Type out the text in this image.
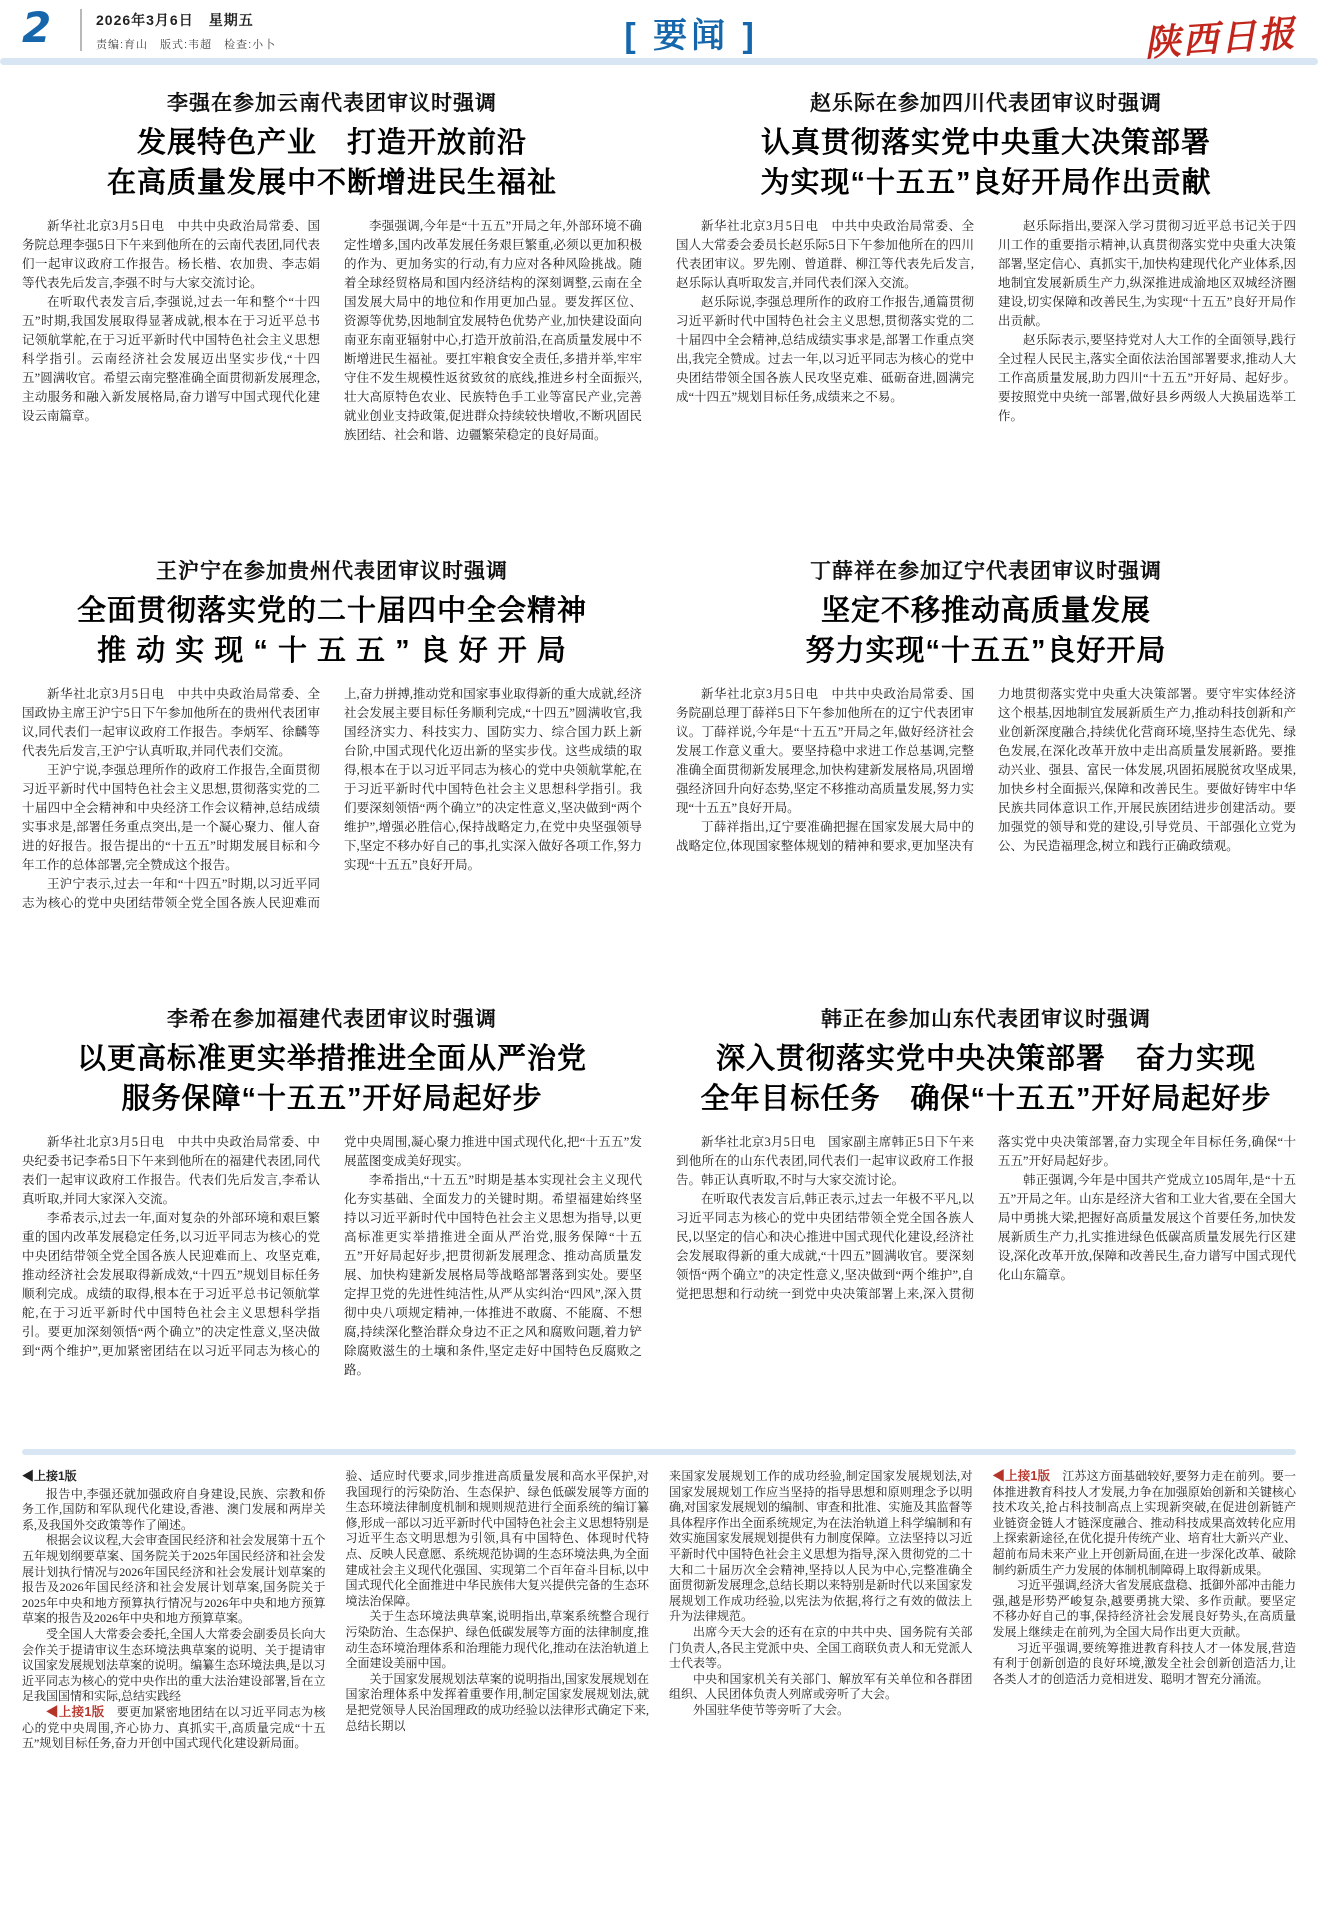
2	2026年3月6日　星期五
责编:育山　版式:韦超　检查:小卜	[ 要闻 ]	陕西日报
李强在参加云南代表团审议时强调
发展特色产业　打造开放前沿
在高质量发展中不断增进民生福祉

新华社北京3月5日电　中共中央政治局常委、国务院总理李强5日下午来到他所在的云南代表团,同代表们一起审议政府工作报告。杨长楷、农加贵、李志娟等代表先后发言,李强不时与大家交流讨论。

在听取代表发言后,李强说,过去一年和整个“十四五”时期,我国发展取得显著成就,根本在于习近平总书记领航掌舵,在于习近平新时代中国特色社会主义思想科学指引。云南经济社会发展迈出坚实步伐,“十四五”圆满收官。希望云南完整准确全面贯彻新发展理念,主动服务和融入新发展格局,奋力谱写中国式现代化建设云南篇章。

李强强调,今年是“十五五”开局之年,外部环境不确定性增多,国内改革发展任务艰巨繁重,必须以更加积极的作为、更加务实的行动,有力应对各种风险挑战。随着全球经贸格局和国内经济结构的深刻调整,云南在全国发展大局中的地位和作用更加凸显。要发挥区位、资源等优势,因地制宜发展特色优势产业,加快建设面向南亚东南亚辐射中心,打造开放前沿,在高质量发展中不断增进民生福祉。要扛牢粮食安全责任,多措并举,牢牢守住不发生规模性返贫致贫的底线,推进乡村全面振兴,壮大高原特色农业、民族特色手工业等富民产业,完善就业创业支持政策,促进群众持续较快增收,不断巩固民族团结、社会和谐、边疆繁荣稳定的良好局面。

赵乐际在参加四川代表团审议时强调
认真贯彻落实党中央重大决策部署
为实现“十五五”良好开局作出贡献

新华社北京3月5日电　中共中央政治局常委、全国人大常委会委员长赵乐际5日下午参加他所在的四川代表团审议。罗先刚、曾道群、柳江等代表先后发言,赵乐际认真听取发言,并同代表们深入交流。

赵乐际说,李强总理所作的政府工作报告,通篇贯彻习近平新时代中国特色社会主义思想,贯彻落实党的二十届四中全会精神,总结成绩实事求是,部署工作重点突出,我完全赞成。过去一年,以习近平同志为核心的党中央团结带领全国各族人民攻坚克难、砥砺奋进,圆满完成“十四五”规划目标任务,成绩来之不易。

赵乐际指出,要深入学习贯彻习近平总书记关于四川工作的重要指示精神,认真贯彻落实党中央重大决策部署,坚定信心、真抓实干,加快构建现代化产业体系,因地制宜发展新质生产力,纵深推进成渝地区双城经济圈建设,切实保障和改善民生,为实现“十五五”良好开局作出贡献。

赵乐际表示,要坚持党对人大工作的全面领导,践行全过程人民民主,落实全面依法治国部署要求,推动人大工作高质量发展,助力四川“十五五”开好局、起好步。要按照党中央统一部署,做好县乡两级人大换届选举工作。

王沪宁在参加贵州代表团审议时强调
全面贯彻落实党的二十届四中全会精神
推 动 实 现 “ 十 五 五 ” 良 好 开 局

新华社北京3月5日电　中共中央政治局常委、全国政协主席王沪宁5日下午参加他所在的贵州代表团审议,同代表们一起审议政府工作报告。李炳军、徐麟等代表先后发言,王沪宁认真听取,并同代表们交流。

王沪宁说,李强总理所作的政府工作报告,全面贯彻习近平新时代中国特色社会主义思想,贯彻落实党的二十届四中全会精神和中央经济工作会议精神,总结成绩实事求是,部署任务重点突出,是一个凝心聚力、催人奋进的好报告。报告提出的“十五五”时期发展目标和今年工作的总体部署,完全赞成这个报告。

王沪宁表示,过去一年和“十四五”时期,以习近平同志为核心的党中央团结带领全党全国各族人民迎难而上,奋力拼搏,推动党和国家事业取得新的重大成就,经济社会发展主要目标任务顺利完成,“十四五”圆满收官,我国经济实力、科技实力、国防实力、综合国力跃上新台阶,中国式现代化迈出新的坚实步伐。这些成绩的取得,根本在于以习近平同志为核心的党中央领航掌舵,在于习近平新时代中国特色社会主义思想科学指引。我们要深刻领悟“两个确立”的决定性意义,坚决做到“两个维护”,增强必胜信心,保持战略定力,在党中央坚强领导下,坚定不移办好自己的事,扎实深入做好各项工作,努力实现“十五五”良好开局。

丁薛祥在参加辽宁代表团审议时强调
坚定不移推动高质量发展
努力实现“十五五”良好开局

新华社北京3月5日电　中共中央政治局常委、国务院副总理丁薛祥5日下午参加他所在的辽宁代表团审议。丁薛祥说,今年是“十五五”开局之年,做好经济社会发展工作意义重大。要坚持稳中求进工作总基调,完整准确全面贯彻新发展理念,加快构建新发展格局,巩固增强经济回升向好态势,坚定不移推动高质量发展,努力实现“十五五”良好开局。

丁薛祥指出,辽宁要准确把握在国家发展大局中的战略定位,体现国家整体规划的精神和要求,更加坚决有力地贯彻落实党中央重大决策部署。要守牢实体经济这个根基,因地制宜发展新质生产力,推动科技创新和产业创新深度融合,持续优化营商环境,坚持生态优先、绿色发展,在深化改革开放中走出高质量发展新路。要推动兴业、强县、富民一体发展,巩固拓展脱贫攻坚成果,加快乡村全面振兴,保障和改善民生。要做好铸牢中华民族共同体意识工作,开展民族团结进步创建活动。要加强党的领导和党的建设,引导党员、干部强化立党为公、为民造福理念,树立和践行正确政绩观。

李希在参加福建代表团审议时强调
以更高标准更实举措推进全面从严治党
服务保障“十五五”开好局起好步

新华社北京3月5日电　中共中央政治局常委、中央纪委书记李希5日下午来到他所在的福建代表团,同代表们一起审议政府工作报告。代表们先后发言,李希认真听取,并同大家深入交流。

李希表示,过去一年,面对复杂的外部环境和艰巨繁重的国内改革发展稳定任务,以习近平同志为核心的党中央团结带领全党全国各族人民迎难而上、攻坚克难,推动经济社会发展取得新成效,“十四五”规划目标任务顺利完成。成绩的取得,根本在于习近平总书记领航掌舵,在于习近平新时代中国特色社会主义思想科学指引。要更加深刻领悟“两个确立”的决定性意义,坚决做到“两个维护”,更加紧密团结在以习近平同志为核心的党中央周围,凝心聚力推进中国式现代化,把“十五五”发展蓝图变成美好现实。

李希指出,“十五五”时期是基本实现社会主义现代化夯实基础、全面发力的关键时期。希望福建始终坚持以习近平新时代中国特色社会主义思想为指导,以更高标准更实举措推进全面从严治党,服务保障“十五五”开好局起好步,把贯彻新发展理念、推动高质量发展、加快构建新发展格局等战略部署落到实处。要坚定捍卫党的先进性纯洁性,从严从实纠治“四风”,深入贯彻中央八项规定精神,一体推进不敢腐、不能腐、不想腐,持续深化整治群众身边不正之风和腐败问题,着力铲除腐败滋生的土壤和条件,坚定走好中国特色反腐败之路。

韩正在参加山东代表团审议时强调
深入贯彻落实党中央决策部署　奋力实现
全年目标任务　确保“十五五”开好局起好步

新华社北京3月5日电　国家副主席韩正5日下午来到他所在的山东代表团,同代表们一起审议政府工作报告。韩正认真听取,不时与大家交流讨论。

在听取代表发言后,韩正表示,过去一年极不平凡,以习近平同志为核心的党中央团结带领全党全国各族人民,以坚定的信心和决心推进中国式现代化建设,经济社会发展取得新的重大成就,“十四五”圆满收官。要深刻领悟“两个确立”的决定性意义,坚决做到“两个维护”,自觉把思想和行动统一到党中央决策部署上来,深入贯彻落实党中央决策部署,奋力实现全年目标任务,确保“十五五”开好局起好步。

韩正强调,今年是中国共产党成立105周年,是“十五五”开局之年。山东是经济大省和工业大省,要在全国大局中勇挑大梁,把握好高质量发展这个首要任务,加快发展新质生产力,扎实推进绿色低碳高质量发展先行区建设,深化改革开放,保障和改善民生,奋力谱写中国式现代化山东篇章。

◀上接1版

报告中,李强还就加强政府自身建设,民族、宗教和侨务工作,国防和军队现代化建设,香港、澳门发展和两岸关系,及我国外交政策等作了阐述。

根据会议议程,大会审查国民经济和社会发展第十五个五年规划纲要草案、国务院关于2025年国民经济和社会发展计划执行情况与2026年国民经济和社会发展计划草案的报告及2026年国民经济和社会发展计划草案,国务院关于2025年中央和地方预算执行情况与2026年中央和地方预算草案的报告及2026年中央和地方预算草案。

受全国人大常委会委托,全国人大常委会副委员长向大会作关于提请审议生态环境法典草案的说明、关于提请审议国家发展规划法草案的说明。编纂生态环境法典,是以习近平同志为核心的党中央作出的重大法治建设部署,旨在立足我国国情和实际,总结实践经

◀上接1版　 要更加紧密地团结在以习近平同志为核心的党中央周围,齐心协力、真抓实干,高质量完成“十五五”规划目标任务,奋力开创中国式现代化建设新局面。

验、适应时代要求,同步推进高质量发展和高水平保护,对我国现行的污染防治、生态保护、绿色低碳发展等方面的生态环境法律制度机制和规则规范进行全面系统的编订纂修,形成一部以习近平新时代中国特色社会主义思想特别是习近平生态文明思想为引领,具有中国特色、体现时代特点、反映人民意愿、系统规范协调的生态环境法典,为全面建成社会主义现代化强国、实现第二个百年奋斗目标,以中国式现代化全面推进中华民族伟大复兴提供完备的生态环境法治保障。

关于生态环境法典草案,说明指出,草案系统整合现行污染防治、生态保护、绿色低碳发展等方面的法律制度,推动生态环境治理体系和治理能力现代化,推动在法治轨道上全面建设美丽中国。

关于国家发展规划法草案的说明指出,国家发展规划在国家治理体系中发挥着重要作用,制定国家发展规划法,就是把党领导人民治国理政的成功经验以法律形式确定下来,总结长期以

来国家发展规划工作的成功经验,制定国家发展规划法,对国家发展规划工作应当坚持的指导思想和原则理念予以明确,对国家发展规划的编制、审查和批准、实施及其监督等具体程序作出全面系统规定,为在法治轨道上科学编制和有效实施国家发展规划提供有力制度保障。立法坚持以习近平新时代中国特色社会主义思想为指导,深入贯彻党的二十大和二十届历次全会精神,坚持以人民为中心,完整准确全面贯彻新发展理念,总结长期以来特别是新时代以来国家发展规划工作成功经验,以宪法为依据,将行之有效的做法上升为法律规范。

出席今天大会的还有在京的中共中央、国务院有关部门负责人,各民主党派中央、全国工商联负责人和无党派人士代表等。

中央和国家机关有关部门、解放军有关单位和各群团组织、人民团体负责人列席或旁听了大会。

外国驻华使节等旁听了大会。

◀上接1版　 江苏这方面基础较好,要努力走在前列。要一体推进教育科技人才发展,力争在加强原始创新和关键核心技术攻关,抢占科技制高点上实现新突破,在促进创新链产业链资金链人才链深度融合、推动科技成果高效转化应用上探索新途径,在优化提升传统产业、培育壮大新兴产业、超前布局未来产业上开创新局面,在进一步深化改革、破除制约新质生产力发展的体制机制障碍上取得新成果。

习近平强调,经济大省发展底盘稳、抵御外部冲击能力强,越是形势严峻复杂,越要勇挑大梁、多作贡献。要坚定不移办好自己的事,保持经济社会发展良好势头,在高质量发展上继续走在前列,为全国大局作出更大贡献。

习近平强调,要统筹推进教育科技人才一体发展,营造有利于创新创造的良好环境,激发全社会创新创造活力,让各类人才的创造活力竞相迸发、聪明才智充分涌流。
